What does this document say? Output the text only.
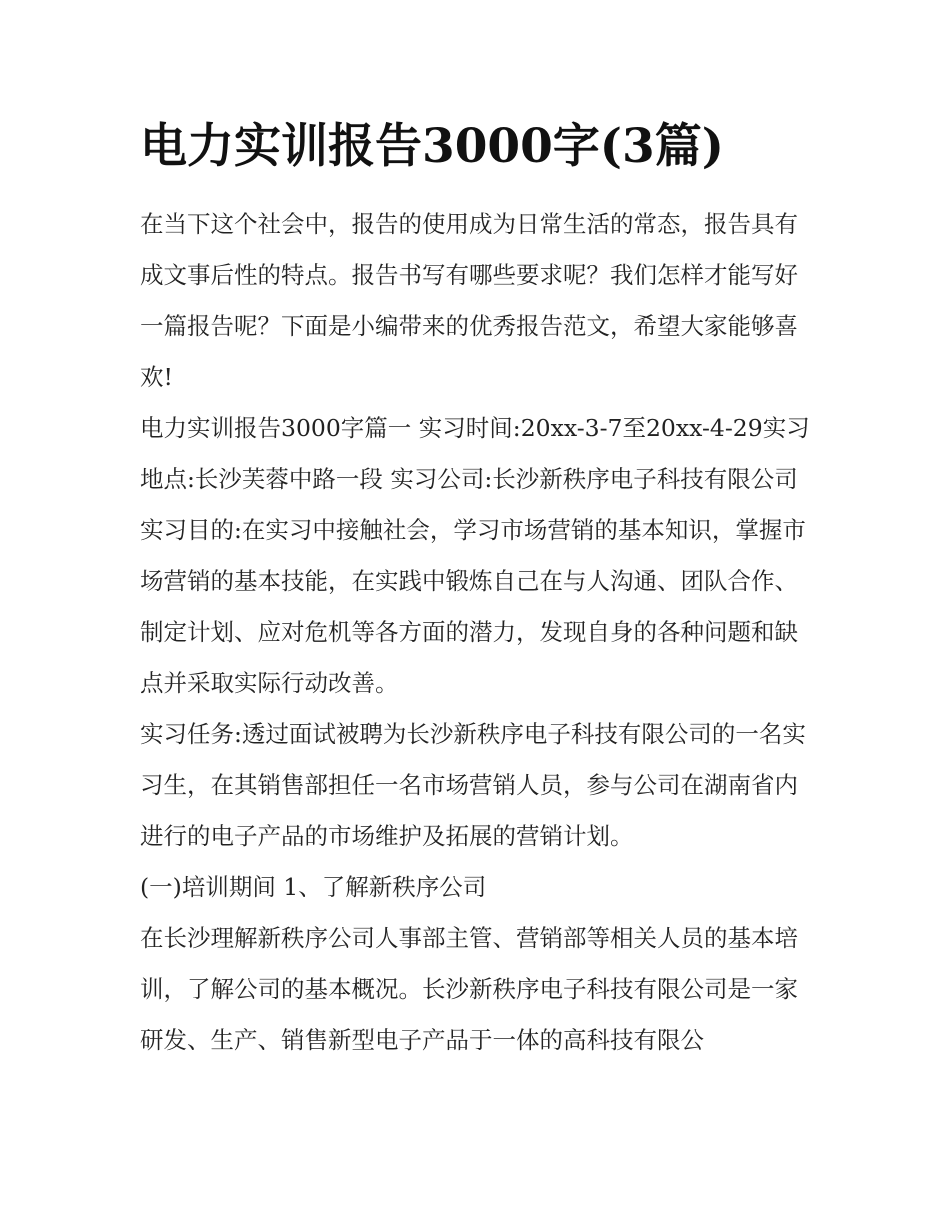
电力实训报告3000字(3篇)

在当下这个社会中，报告的使用成为日常生活的常态，报告具有成文事后性的特点。报告书写有哪些要求呢？我们怎样才能写好一篇报告呢？下面是小编带来的优秀报告范文，希望大家能够喜欢!

电力实训报告3000字篇一 实习时间:20xx-3-7至20xx-4-29实习地点:长沙芙蓉中路一段 实习公司:长沙新秩序电子科技有限公司

实习目的:在实习中接触社会，学习市场营销的基本知识，掌握市场营销的基本技能，在实践中锻炼自己在与人沟通、团队合作、制定计划、应对危机等各方面的潜力，发现自身的各种问题和缺点并采取实际行动改善。

实习任务:透过面试被聘为长沙新秩序电子科技有限公司的一名实习生，在其销售部担任一名市场营销人员，参与公司在湖南省内进行的电子产品的市场维护及拓展的营销计划。

(一)培训期间 1、了解新秩序公司

在长沙理解新秩序公司人事部主管、营销部等相关人员的基本培训，了解公司的基本概况。长沙新秩序电子科技有限公司是一家研发、生产、销售新型电子产品于一体的高科技有限公
